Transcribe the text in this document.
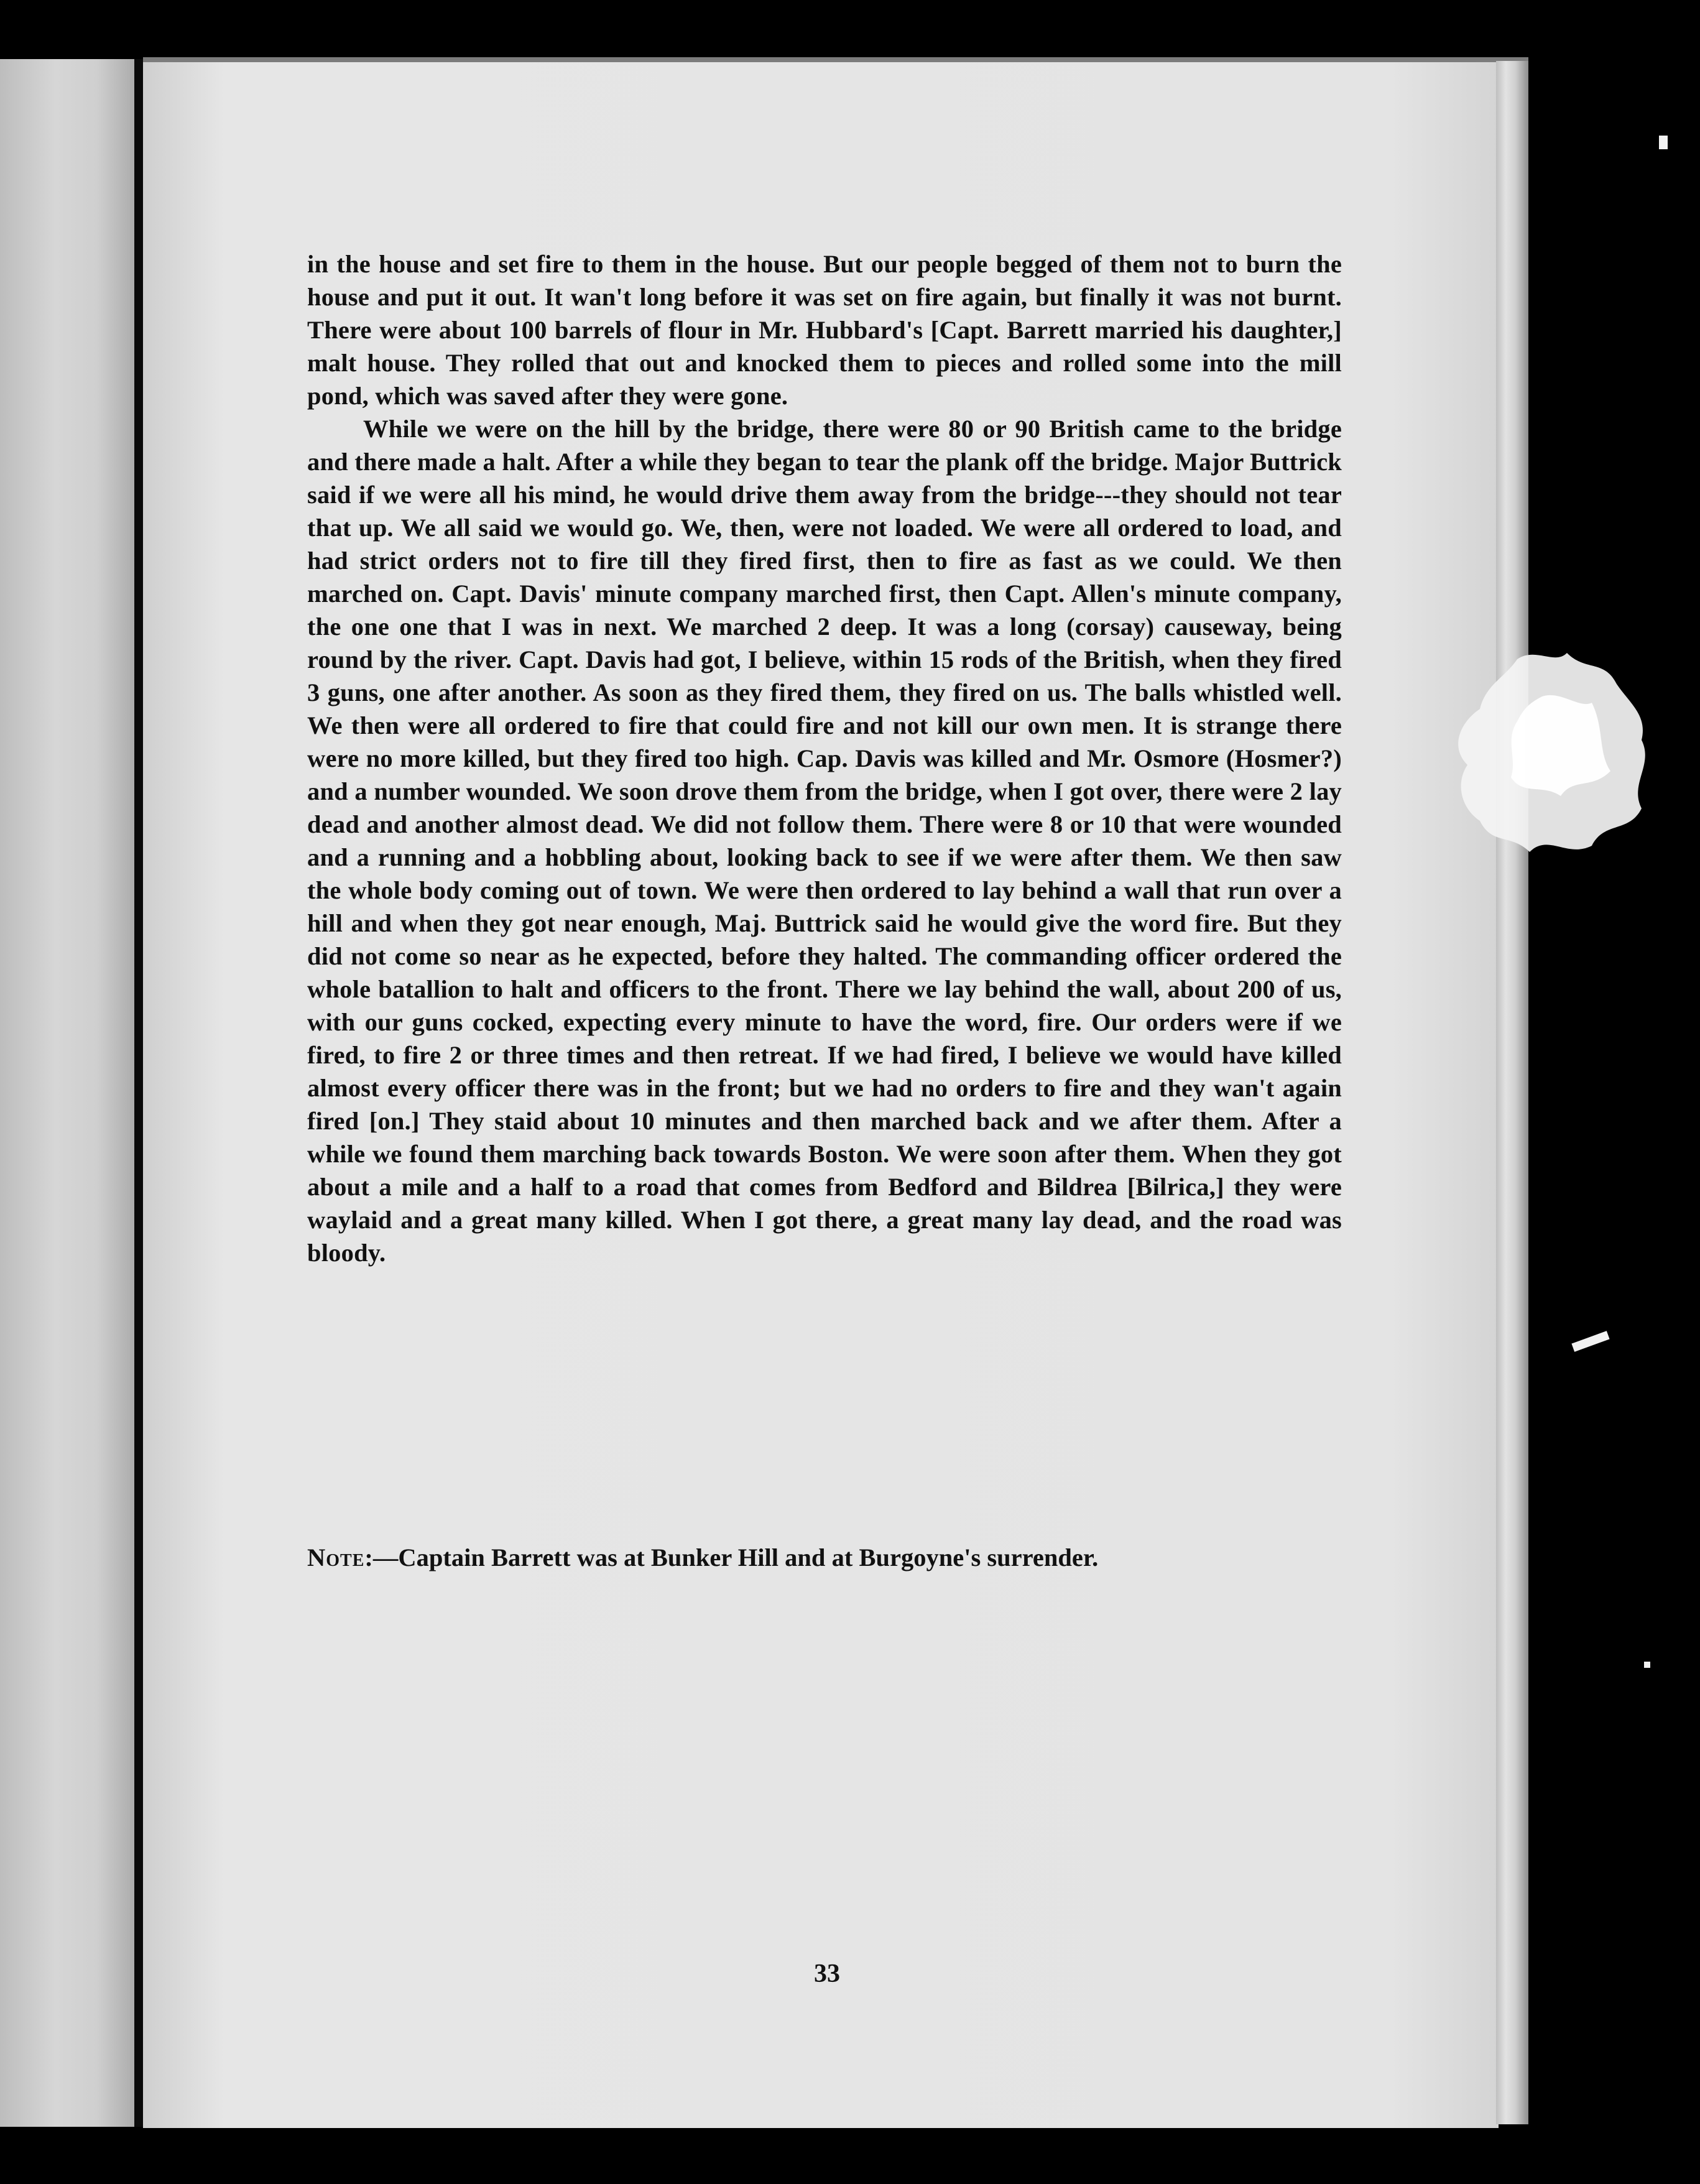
in the house and set fire to them in the house. But our people begged of them not to burn the house and put it out. It wan't long before it was set on fire again, but finally it was not burnt. There were about 100 barrels of flour in Mr. Hubbard's [Capt. Barrett married his daughter,] malt house. They rolled that out and knocked them to pieces and rolled some into the mill pond, which was saved after they were gone.

While we were on the hill by the bridge, there were 80 or 90 British came to the bridge and there made a halt. After a while they began to tear the plank off the bridge. Major Buttrick said if we were all his mind, he would drive them away from the bridge---they should not tear that up. We all said we would go. We, then, were not loaded. We were all ordered to load, and had strict orders not to fire till they fired first, then to fire as fast as we could. We then marched on. Capt. Davis' minute company marched first, then Capt. Allen's minute company, the one one that I was in next. We marched 2 deep. It was a long (corsay) causeway, being round by the river. Capt. Davis had got, I believe, within 15 rods of the British, when they fired 3 guns, one after another. As soon as they fired them, they fired on us. The balls whistled well. We then were all ordered to fire that could fire and not kill our own men. It is strange there were no more killed, but they fired too high. Cap. Davis was killed and Mr. Osmore (Hosmer?) and a number wounded. We soon drove them from the bridge, when I got over, there were 2 lay dead and another almost dead. We did not follow them. There were 8 or 10 that were wounded and a running and a hobbling about, looking back to see if we were after them. We then saw the whole body coming out of town. We were then ordered to lay behind a wall that run over a hill and when they got near enough, Maj. Buttrick said he would give the word fire. But they did not come so near as he expected, before they halted. The commanding officer ordered the whole batallion to halt and officers to the front. There we lay behind the wall, about 200 of us, with our guns cocked, expecting every minute to have the word, fire. Our orders were if we fired, to fire 2 or three times and then retreat. If we had fired, I believe we would have killed almost every officer there was in the front; but we had no orders to fire and they wan't again fired [on.] They staid about 10 minutes and then marched back and we after them. After a while we found them marching back towards Boston. We were soon after them. When they got about a mile and a half to a road that comes from Bedford and Bildrea [Bilrica,] they were waylaid and a great many killed. When I got there, a great many lay dead, and the road was bloody.

Note:—Captain Barrett was at Bunker Hill and at Burgoyne's surrender.
33
